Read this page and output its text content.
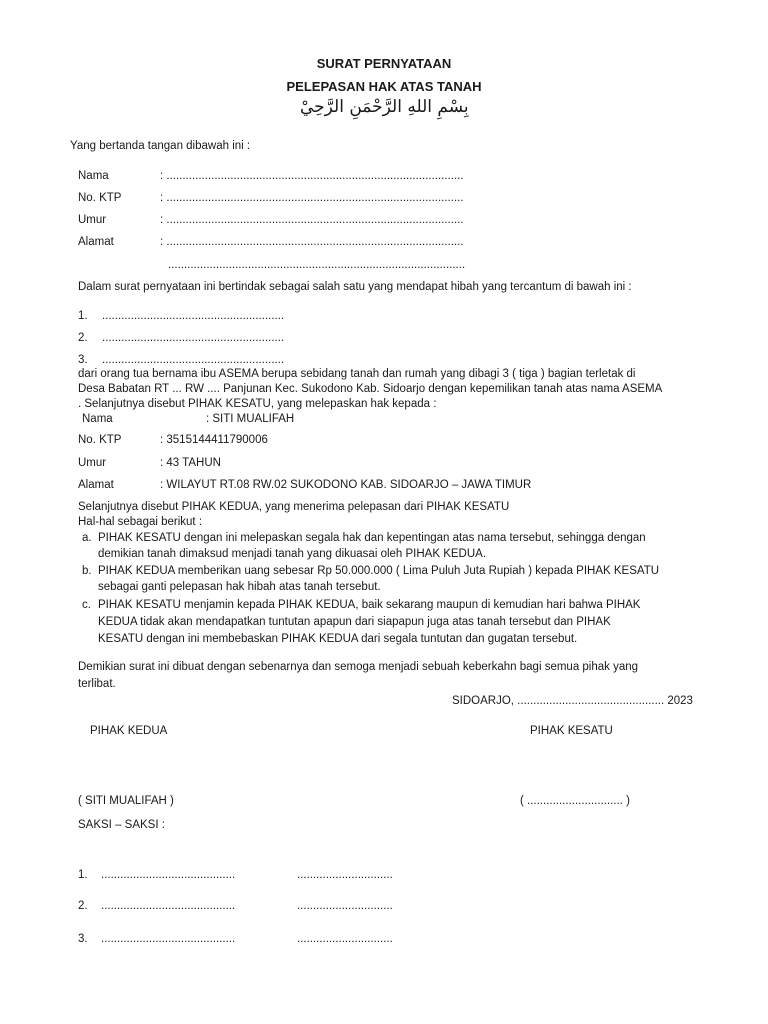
SURAT PERNYATAAN
PELEPASAN HAK ATAS TANAH
بِسْمِ اللهِ الرَّحْمَنِ الرَّحِيْ
Yang bertanda tangan dibawah ini :
Nama	: .............................................................................................
No. KTP	: .............................................................................................
Umur	: .............................................................................................
Alamat	: .............................................................................................
.............................................................................................
Dalam surat pernyataan ini bertindak sebagai salah satu yang mendapat hibah yang tercantum di bawah ini :
1. .........................................................
2. .........................................................
3. .........................................................
dari orang tua bernama ibu ASEMA berupa sebidang tanah dan rumah yang dibagi 3 ( tiga ) bagian terletak di
Desa Babatan RT ... RW .... Panjunan Kec. Sukodono Kab. Sidoarjo dengan kepemilikan tanah atas nama ASEMA
. Selanjutnya disebut PIHAK KESATU, yang melepaskan hak kepada :
Nama	: SITI MUALIFAH
No. KTP	: 3515144411790006
Umur	: 43 TAHUN
Alamat	: WILAYUT RT.08 RW.02 SUKODONO KAB. SIDOARJO – JAWA TIMUR
Selanjutnya disebut PIHAK KEDUA, yang menerima pelepasan dari PIHAK KESATU
Hal-hal sebagai berikut :
a. PIHAK KESATU dengan ini melepaskan segala hak dan kepentingan atas nama tersebut, sehingga dengan
demikian tanah dimaksud menjadi tanah yang dikuasai oleh PIHAK KEDUA.
b. PIHAK KEDUA memberikan uang sebesar Rp 50.000.000 ( Lima Puluh Juta Rupiah ) kepada PIHAK KESATU
sebagai ganti pelepasan hak hibah atas tanah tersebut.
c. PIHAK KESATU menjamin kepada PIHAK KEDUA, baik sekarang maupun di kemudian hari bahwa PIHAK
KEDUA tidak akan mendapatkan tuntutan apapun dari siapapun juga atas tanah tersebut dan PIHAK
KESATU dengan ini membebaskan PIHAK KEDUA dari segala tuntutan dan gugatan tersebut.
Demikian surat ini dibuat dengan sebenarnya dan semoga menjadi sebuah keberkahn bagi semua pihak yang
terlibat.
SIDOARJO, .............................................. 2023
PIHAK KEDUA	PIHAK KESATU
( SITI MUALIFAH )	( .............................. )
SAKSI – SAKSI :
1. ..........................................	..............................
2. ..........................................	..............................
3. ..........................................	..............................
